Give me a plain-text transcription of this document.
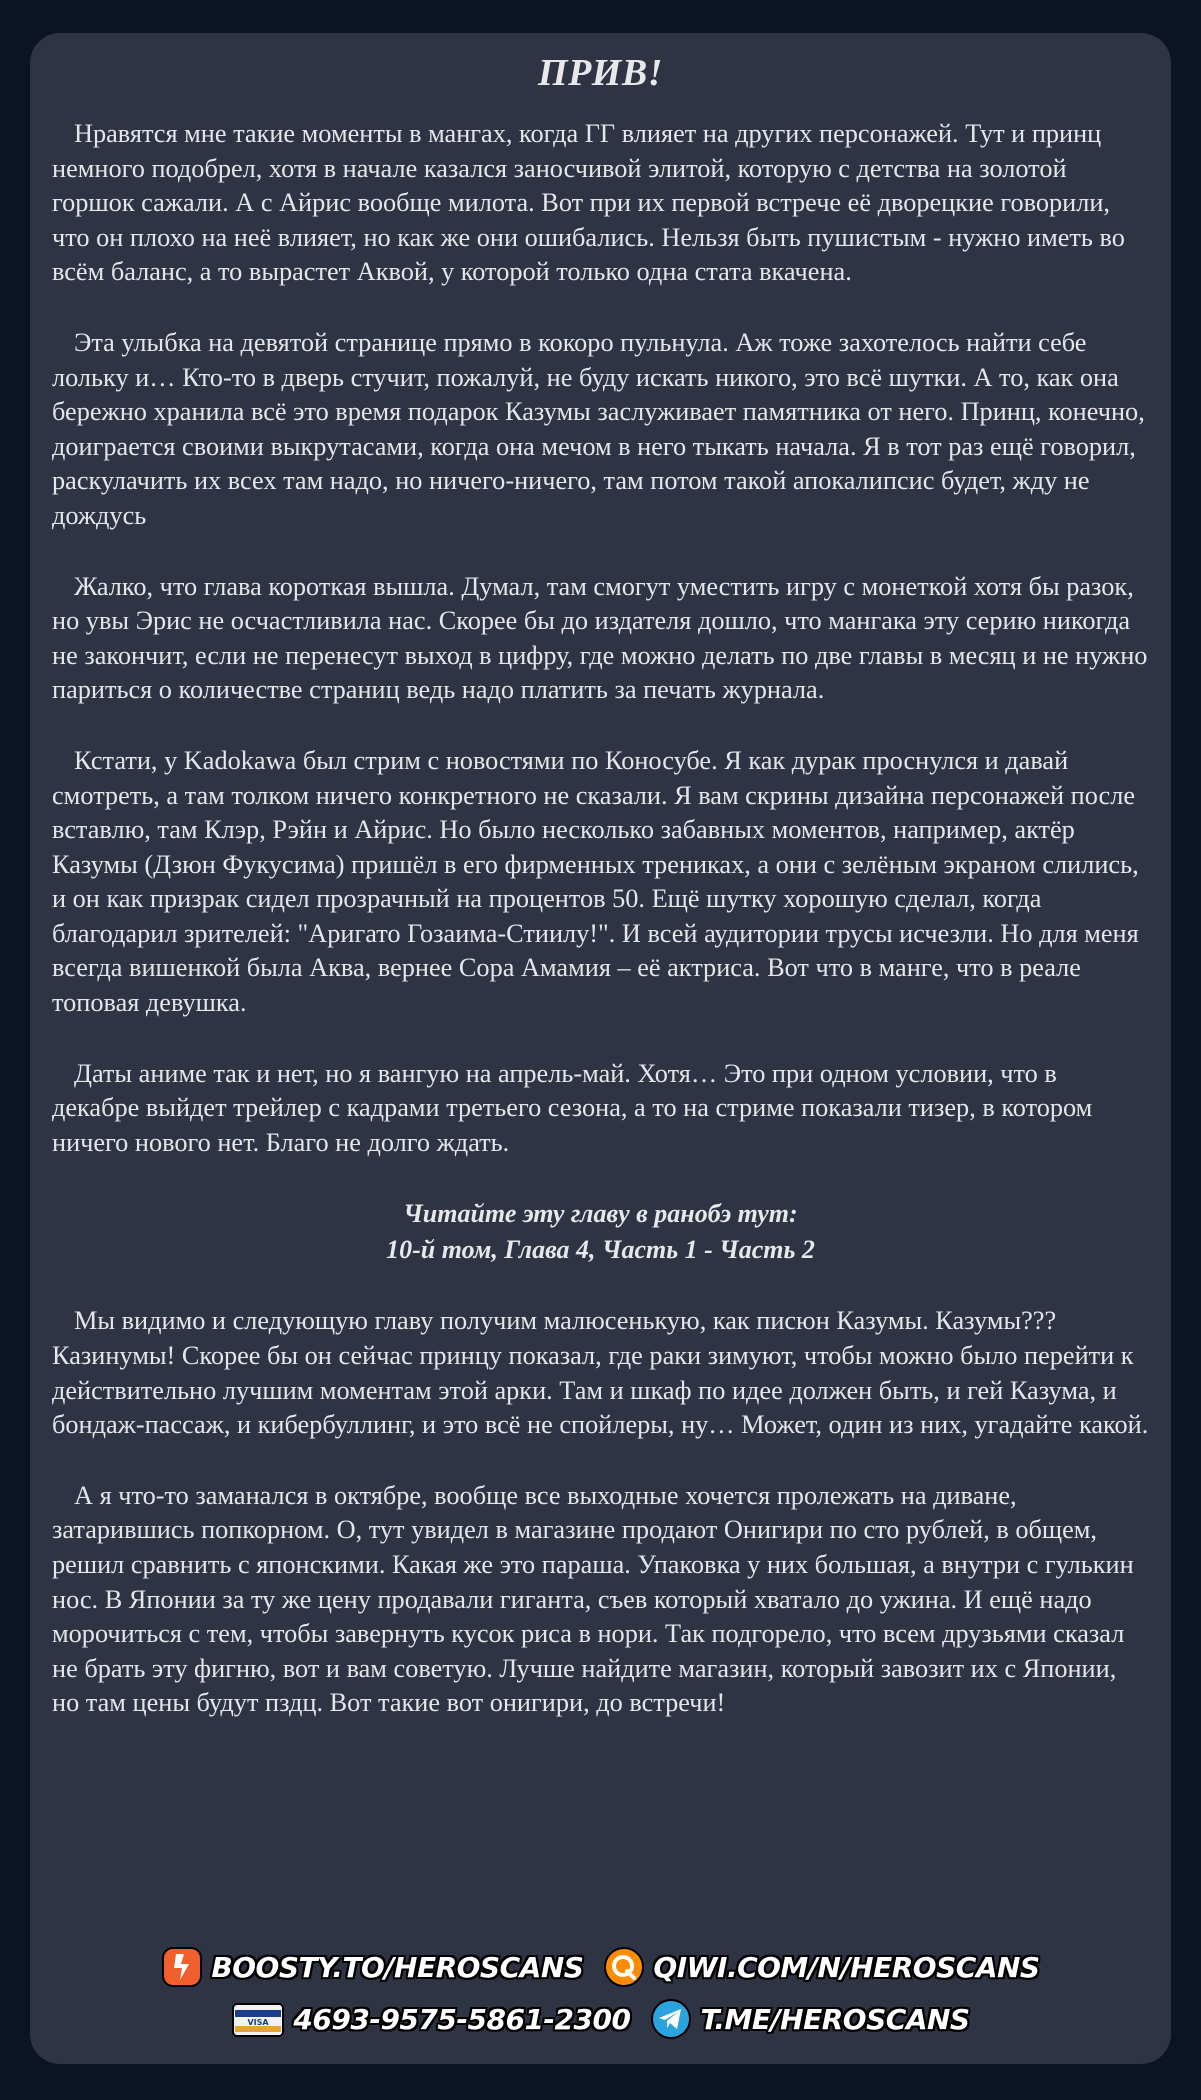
ПРИВ!

Нравятся мне такие моменты в мангах, когда ГГ влияет на других персонажей. Тут и принц немного подобрел, хотя в начале казался заносчивой элитой, которую с детства на золотой горшок сажали. А с Айрис вообще милота. Вот при их первой встрече её дворецкие говорили, что он плохо на неё влияет, но как же они ошибались. Нельзя быть пушистым - нужно иметь во всём баланс, а то вырастет Аквой, у которой только одна стата вкачена.

Эта улыбка на девятой странице прямо в кокоро пульнула. Аж тоже захотелось найти себе лольку и… Кто-то в дверь стучит, пожалуй, не буду искать никого, это всё шутки. А то, как она бережно хранила всё это время подарок Казумы заслуживает памятника от него. Принц, конечно, доиграется своими выкрутасами, когда она мечом в него тыкать начала. Я в тот раз ещё говорил, раскулачить их всех там надо, но ничего-ничего, там потом такой апокалипсис будет, жду не дождусь

Жалко, что глава короткая вышла. Думал, там смогут уместить игру с монеткой хотя бы разок, но увы Эрис не осчастливила нас. Скорее бы до издателя дошло, что мангака эту серию никогда не закончит, если не перенесут выход в цифру, где можно делать по две главы в месяц и не нужно париться о количестве страниц ведь надо платить за печать журнала.

Кстати, у Kadokawa был стрим с новостями по Коносубе. Я как дурак проснулся и давай смотреть, а там толком ничего конкретного не сказали. Я вам скрины дизайна персонажей после вставлю, там Клэр, Рэйн и Айрис. Но было несколько забавных моментов, например, актёр Казумы (Дзюн Фукусима) пришёл в его фирменных трениках, а они с зелёным экраном слились, и он как призрак сидел прозрачный на процентов 50. Ещё шутку хорошую сделал, когда благодарил зрителей: "Аригато Гозаима-Стиилу!". И всей аудитории трусы исчезли. Но для меня всегда вишенкой была Аква, вернее Сора Амамия – её актриса. Вот что в манге, что в реале топовая девушка.

Даты аниме так и нет, но я вангую на апрель-май. Хотя… Это при одном условии, что в декабре выйдет трейлер с кадрами третьего сезона, а то на стриме показали тизер, в котором ничего нового нет. Благо не долго ждать.

Читайте эту главу в ранобэ тут:
10-й том, Глава 4, Часть 1 - Часть 2

Мы видимо и следующую главу получим малюсенькую, как писюн Казумы. Казумы??? Казинумы! Скорее бы он сейчас принцу показал, где раки зимуют, чтобы можно было перейти к действительно лучшим моментам этой арки. Там и шкаф по идее должен быть, и гей Казума, и бондаж-пассаж, и кибербуллинг, и это всё не спойлеры, ну… Может, один из них, угадайте какой.

А я что-то заманался в октябре, вообще все выходные хочется пролежать на диване, затарившись попкорном. О, тут увидел в магазине продают Онигири по сто рублей, в общем, решил сравнить с японскими. Какая же это параша. Упаковка у них большая, а внутри с гулькин нос. В Японии за ту же цену продавали гиганта, съев который хватало до ужина. И ещё надо морочиться с тем, чтобы завернуть кусок риса в нори. Так подгорело, что всем друзьями сказал не брать эту фигню, вот и вам советую. Лучше найдите магазин, который завозит их с Японии, но там цены будут пздц. Вот такие вот онигири, до встречи!

BOOSTY.TO/HEROSCANS	QIWI.COM/N/HEROSCANS
VISA 4693-9575-5861-2300	T.ME/HEROSCANS
